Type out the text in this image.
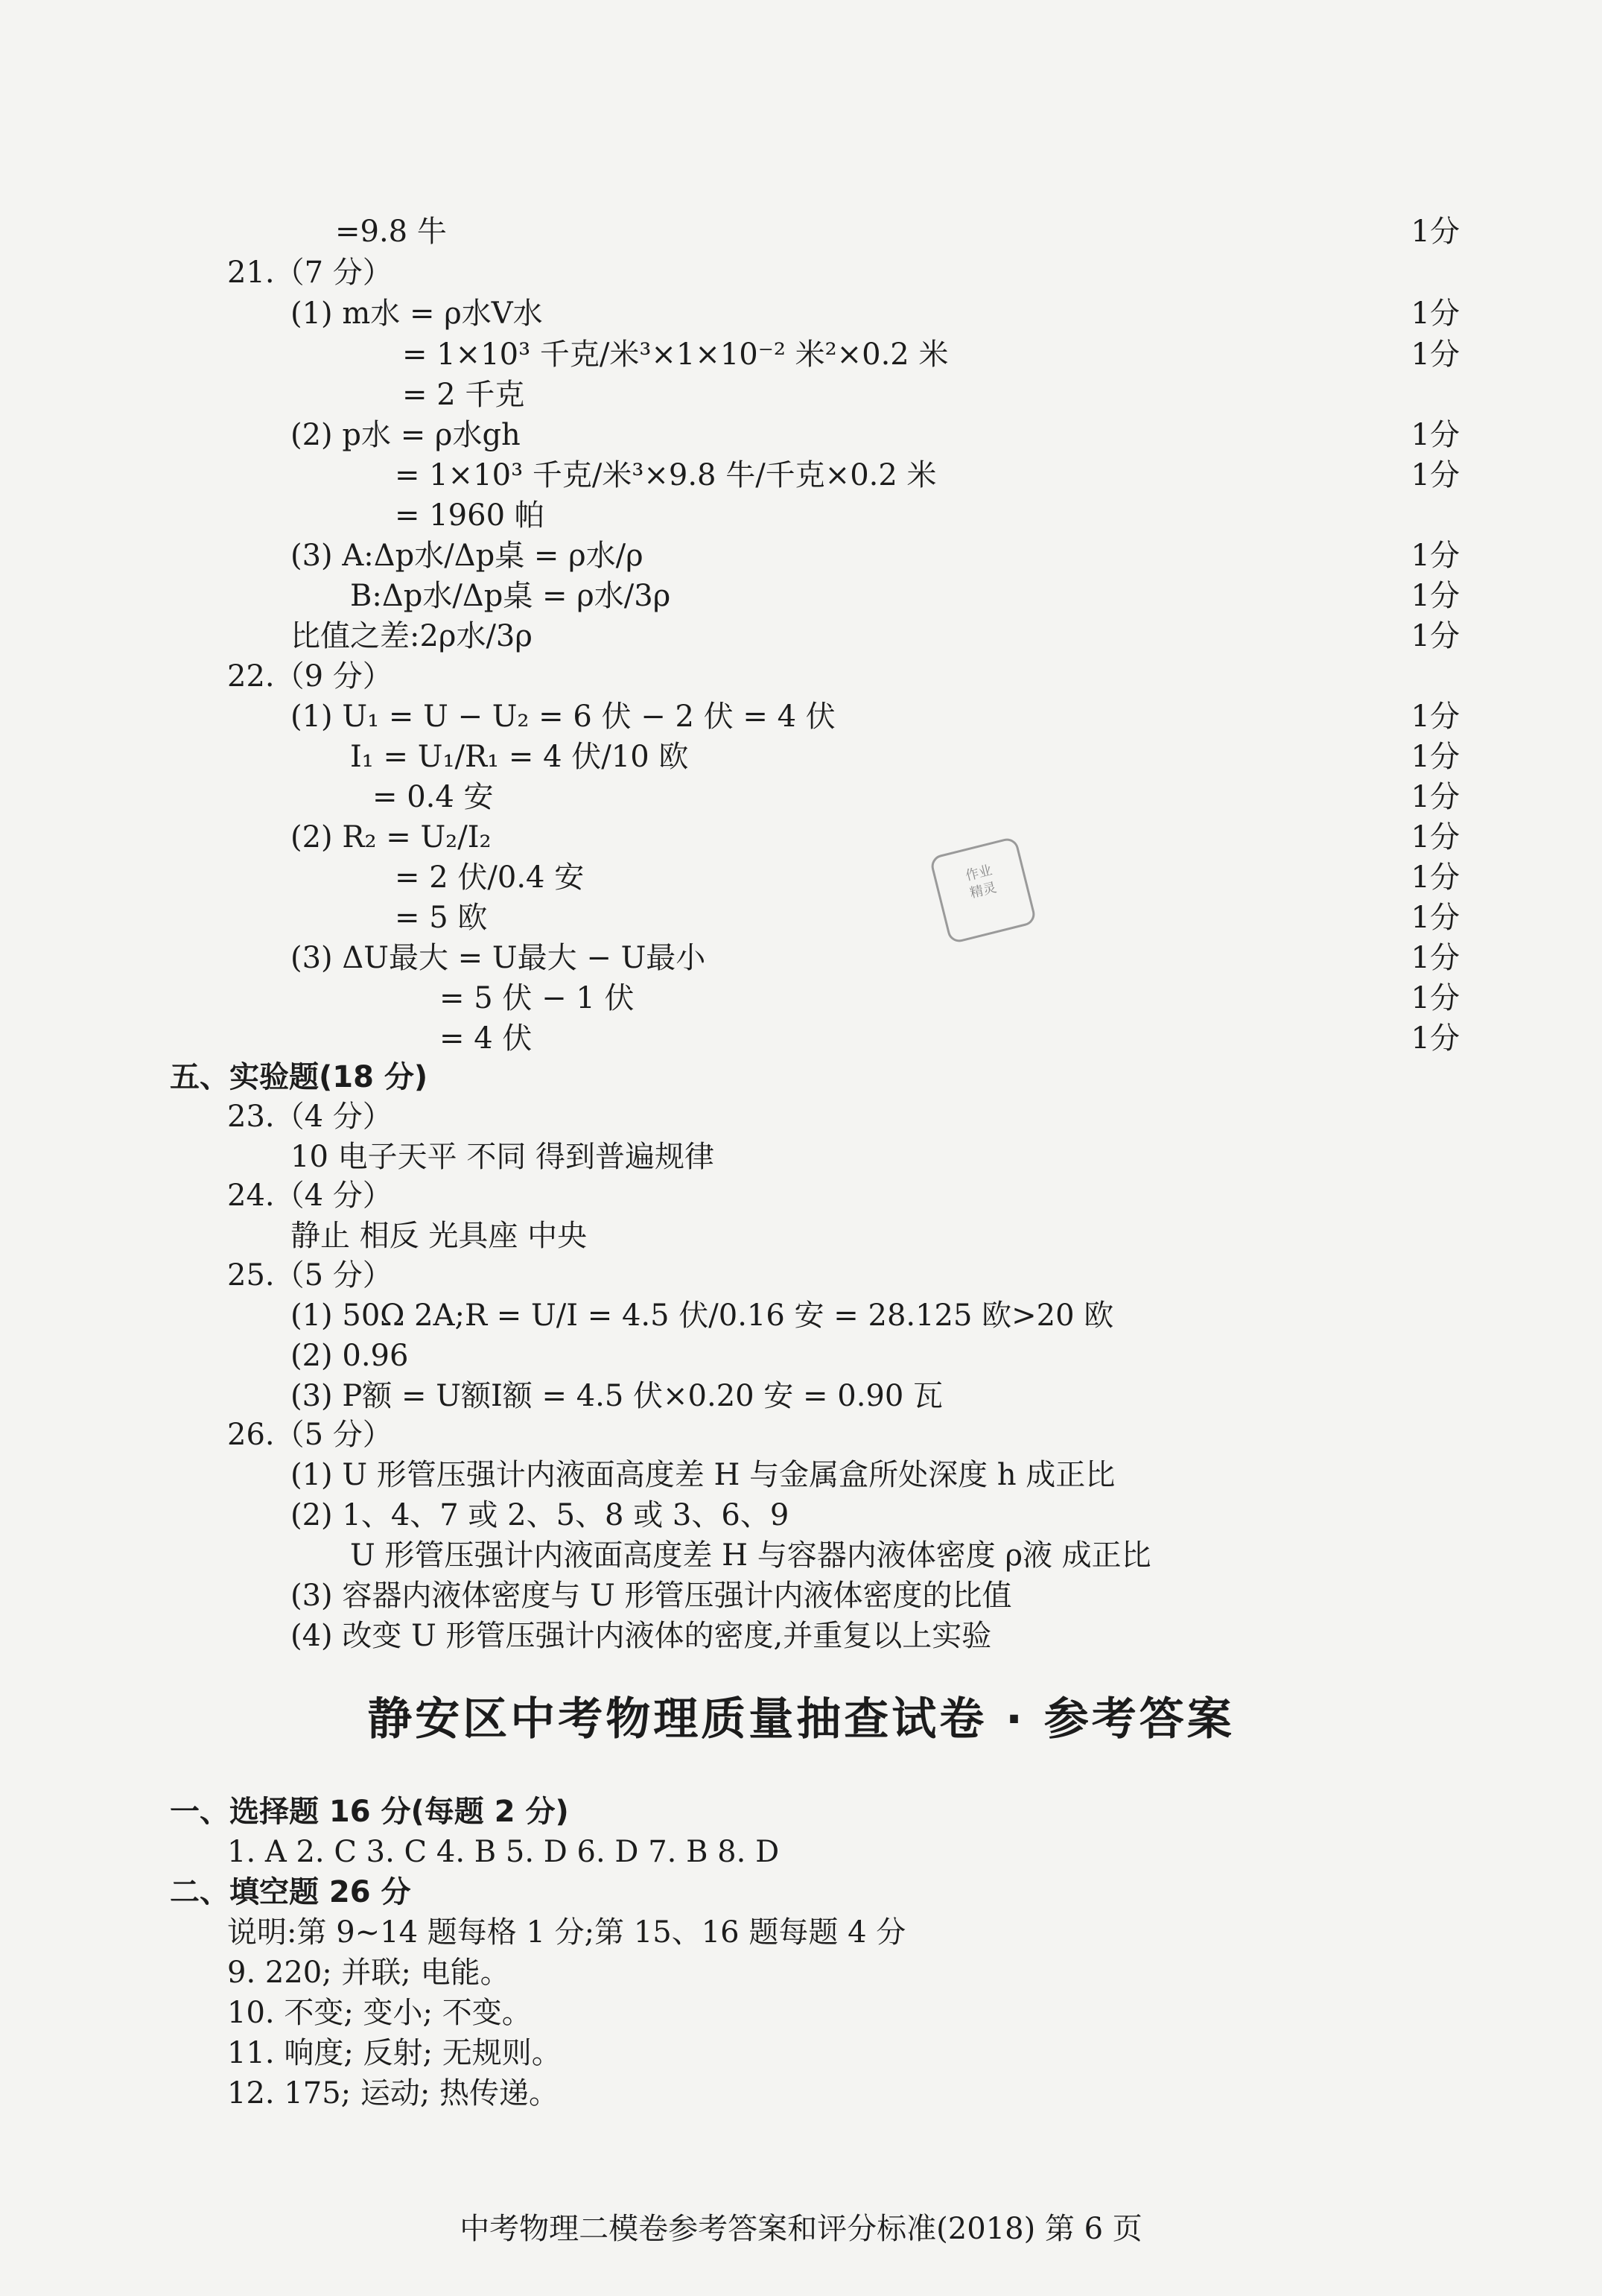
=9.8 牛	1分
21.（7 分）
(1) m水 = ρ水V水	1分
= 1×10³ 千克/米³×1×10⁻² 米²×0.2 米	1分
= 2 千克
(2) p水 = ρ水gh	1分
= 1×10³ 千克/米³×9.8 牛/千克×0.2 米	1分
= 1960 帕
(3) A:Δp水/Δp桌 = ρ水/ρ	1分
B:Δp水/Δp桌 = ρ水/3ρ	1分
比值之差:2ρ水/3ρ	1分
22.（9 分）
(1) U₁ = U − U₂ = 6 伏 − 2 伏 = 4 伏	1分
I₁ = U₁/R₁ = 4 伏/10 欧	1分
= 0.4 安	1分
(2) R₂ = U₂/I₂	1分
= 2 伏/0.4 安	1分
= 5 欧	1分
(3) ΔU最大 = U最大 − U最小	1分
= 5 伏 − 1 伏	1分
= 4 伏	1分
五、实验题(18 分)
23.（4 分）
10 电子天平 不同 得到普遍规律
24.（4 分）
静止 相反 光具座 中央
25.（5 分）
(1) 50Ω 2A;R = U/I = 4.5 伏/0.16 安 = 28.125 欧>20 欧
(2) 0.96
(3) P额 = U额I额 = 4.5 伏×0.20 安 = 0.90 瓦
26.（5 分）
(1) U 形管压强计内液面高度差 H 与金属盒所处深度 h 成正比
(2) 1、4、7 或 2、5、8 或 3、6、9
U 形管压强计内液面高度差 H 与容器内液体密度 ρ液 成正比
(3) 容器内液体密度与 U 形管压强计内液体密度的比值
(4) 改变 U 形管压强计内液体的密度,并重复以上实验
静安区中考物理质量抽查试卷 · 参考答案
一、选择题 16 分(每题 2 分)
1. A 2. C 3. C 4. B 5. D 6. D 7. B 8. D
二、填空题 26 分
说明:第 9~14 题每格 1 分;第 15、16 题每题 4 分
9. 220; 并联; 电能。
10. 不变; 变小; 不变。
11. 响度; 反射; 无规则。
12. 175; 运动; 热传递。
作业
精灵
中考物理二模卷参考答案和评分标准(2018) 第 6 页
